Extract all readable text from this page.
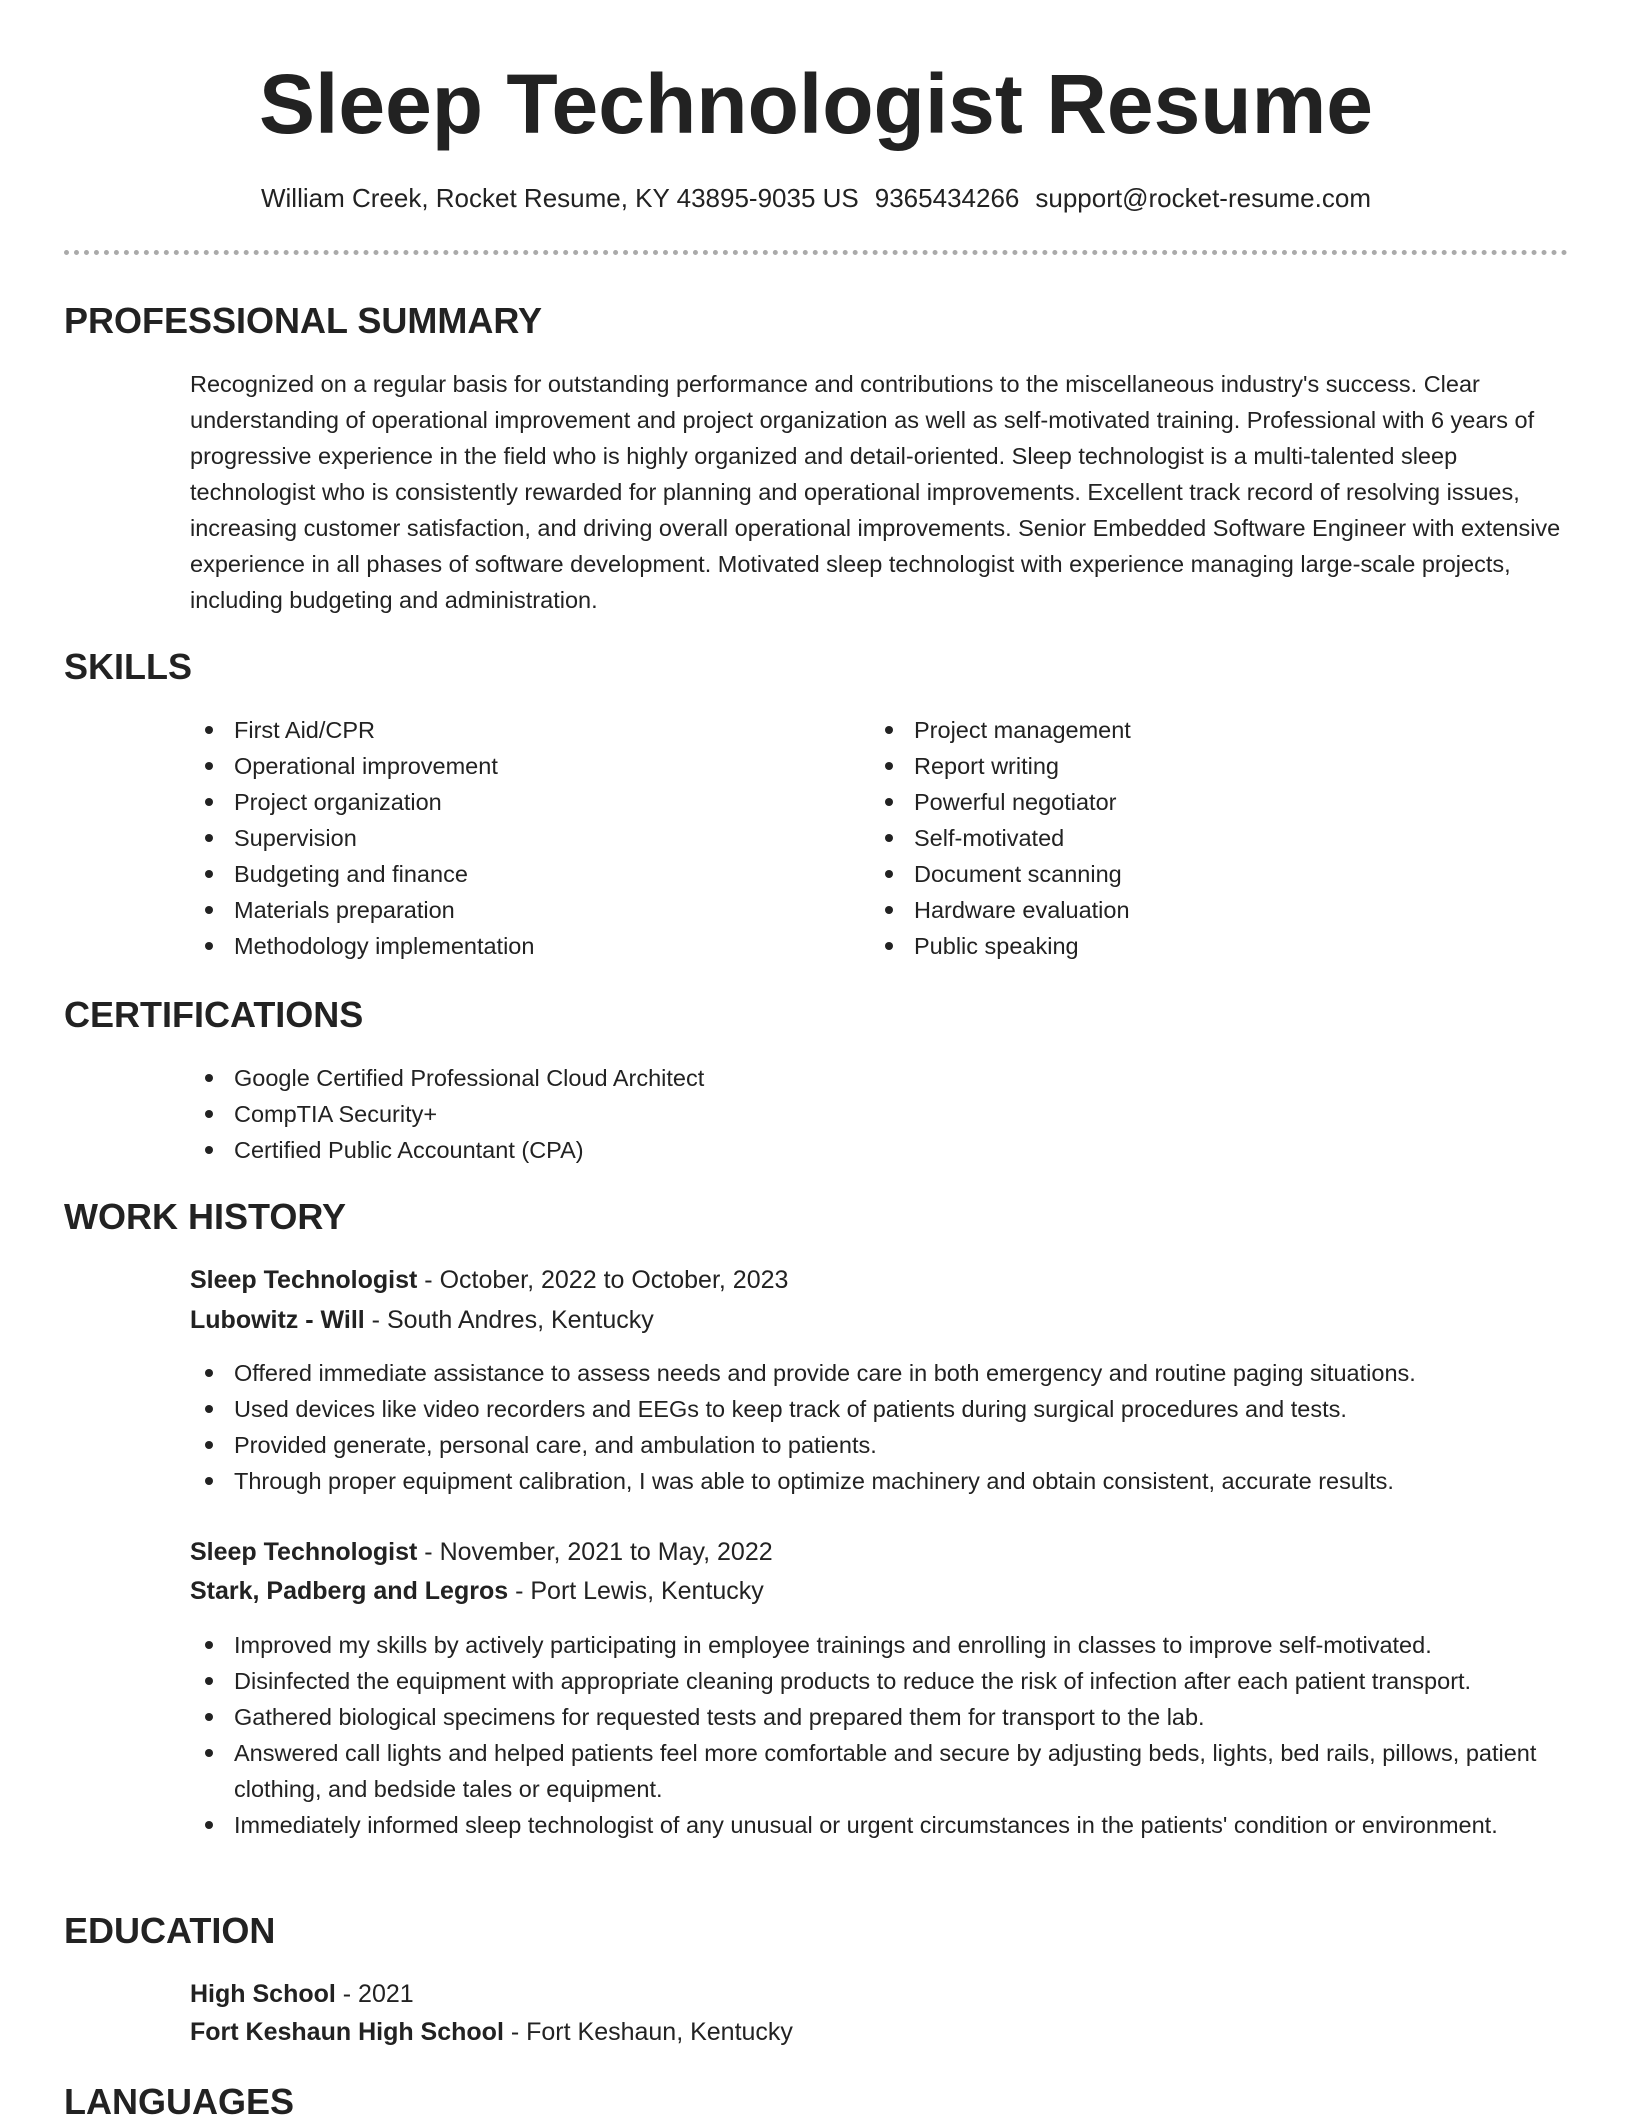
Sleep Technologist Resume
William Creek, Rocket Resume, KY 43895-9035 US 9365434266 support@rocket-resume.com
PROFESSIONAL SUMMARY

Recognized on a regular basis for outstanding performance and contributions to the miscellaneous industry's success. Clear understanding of operational improvement and project organization as well as self-motivated training. Professional with 6 years of progressive experience in the field who is highly organized and detail-oriented. Sleep technologist is a multi-talented sleep technologist who is consistently rewarded for planning and operational improvements. Excellent track record of resolving issues, increasing customer satisfaction, and driving overall operational improvements. Senior Embedded Software Engineer with extensive experience in all phases of software development. Motivated sleep technologist with experience managing large-scale projects, including budgeting and administration.

SKILLS
First Aid/CPR
Operational improvement
Project organization
Supervision
Budgeting and finance
Materials preparation
Methodology implementation
Project management
Report writing
Powerful negotiator
Self-motivated
Document scanning
Hardware evaluation
Public speaking
CERTIFICATIONS
Google Certified Professional Cloud Architect
CompTIA Security+
Certified Public Accountant (CPA)
WORK HISTORY
Sleep Technologist - October, 2022 to October, 2023
Lubowitz - Will - South Andres, Kentucky
Offered immediate assistance to assess needs and provide care in both emergency and routine paging situations.
Used devices like video recorders and EEGs to keep track of patients during surgical procedures and tests.
Provided generate, personal care, and ambulation to patients.
Through proper equipment calibration, I was able to optimize machinery and obtain consistent, accurate results.
Sleep Technologist - November, 2021 to May, 2022
Stark, Padberg and Legros - Port Lewis, Kentucky
Improved my skills by actively participating in employee trainings and enrolling in classes to improve self-motivated.
Disinfected the equipment with appropriate cleaning products to reduce the risk of infection after each patient transport.
Gathered biological specimens for requested tests and prepared them for transport to the lab.
Answered call lights and helped patients feel more comfortable and secure by adjusting beds, lights, bed rails, pillows, patient clothing, and bedside tales or equipment.
Immediately informed sleep technologist of any unusual or urgent circumstances in the patients' condition or environment.
EDUCATION
High School - 2021
Fort Keshaun High School - Fort Keshaun, Kentucky
LANGUAGES
